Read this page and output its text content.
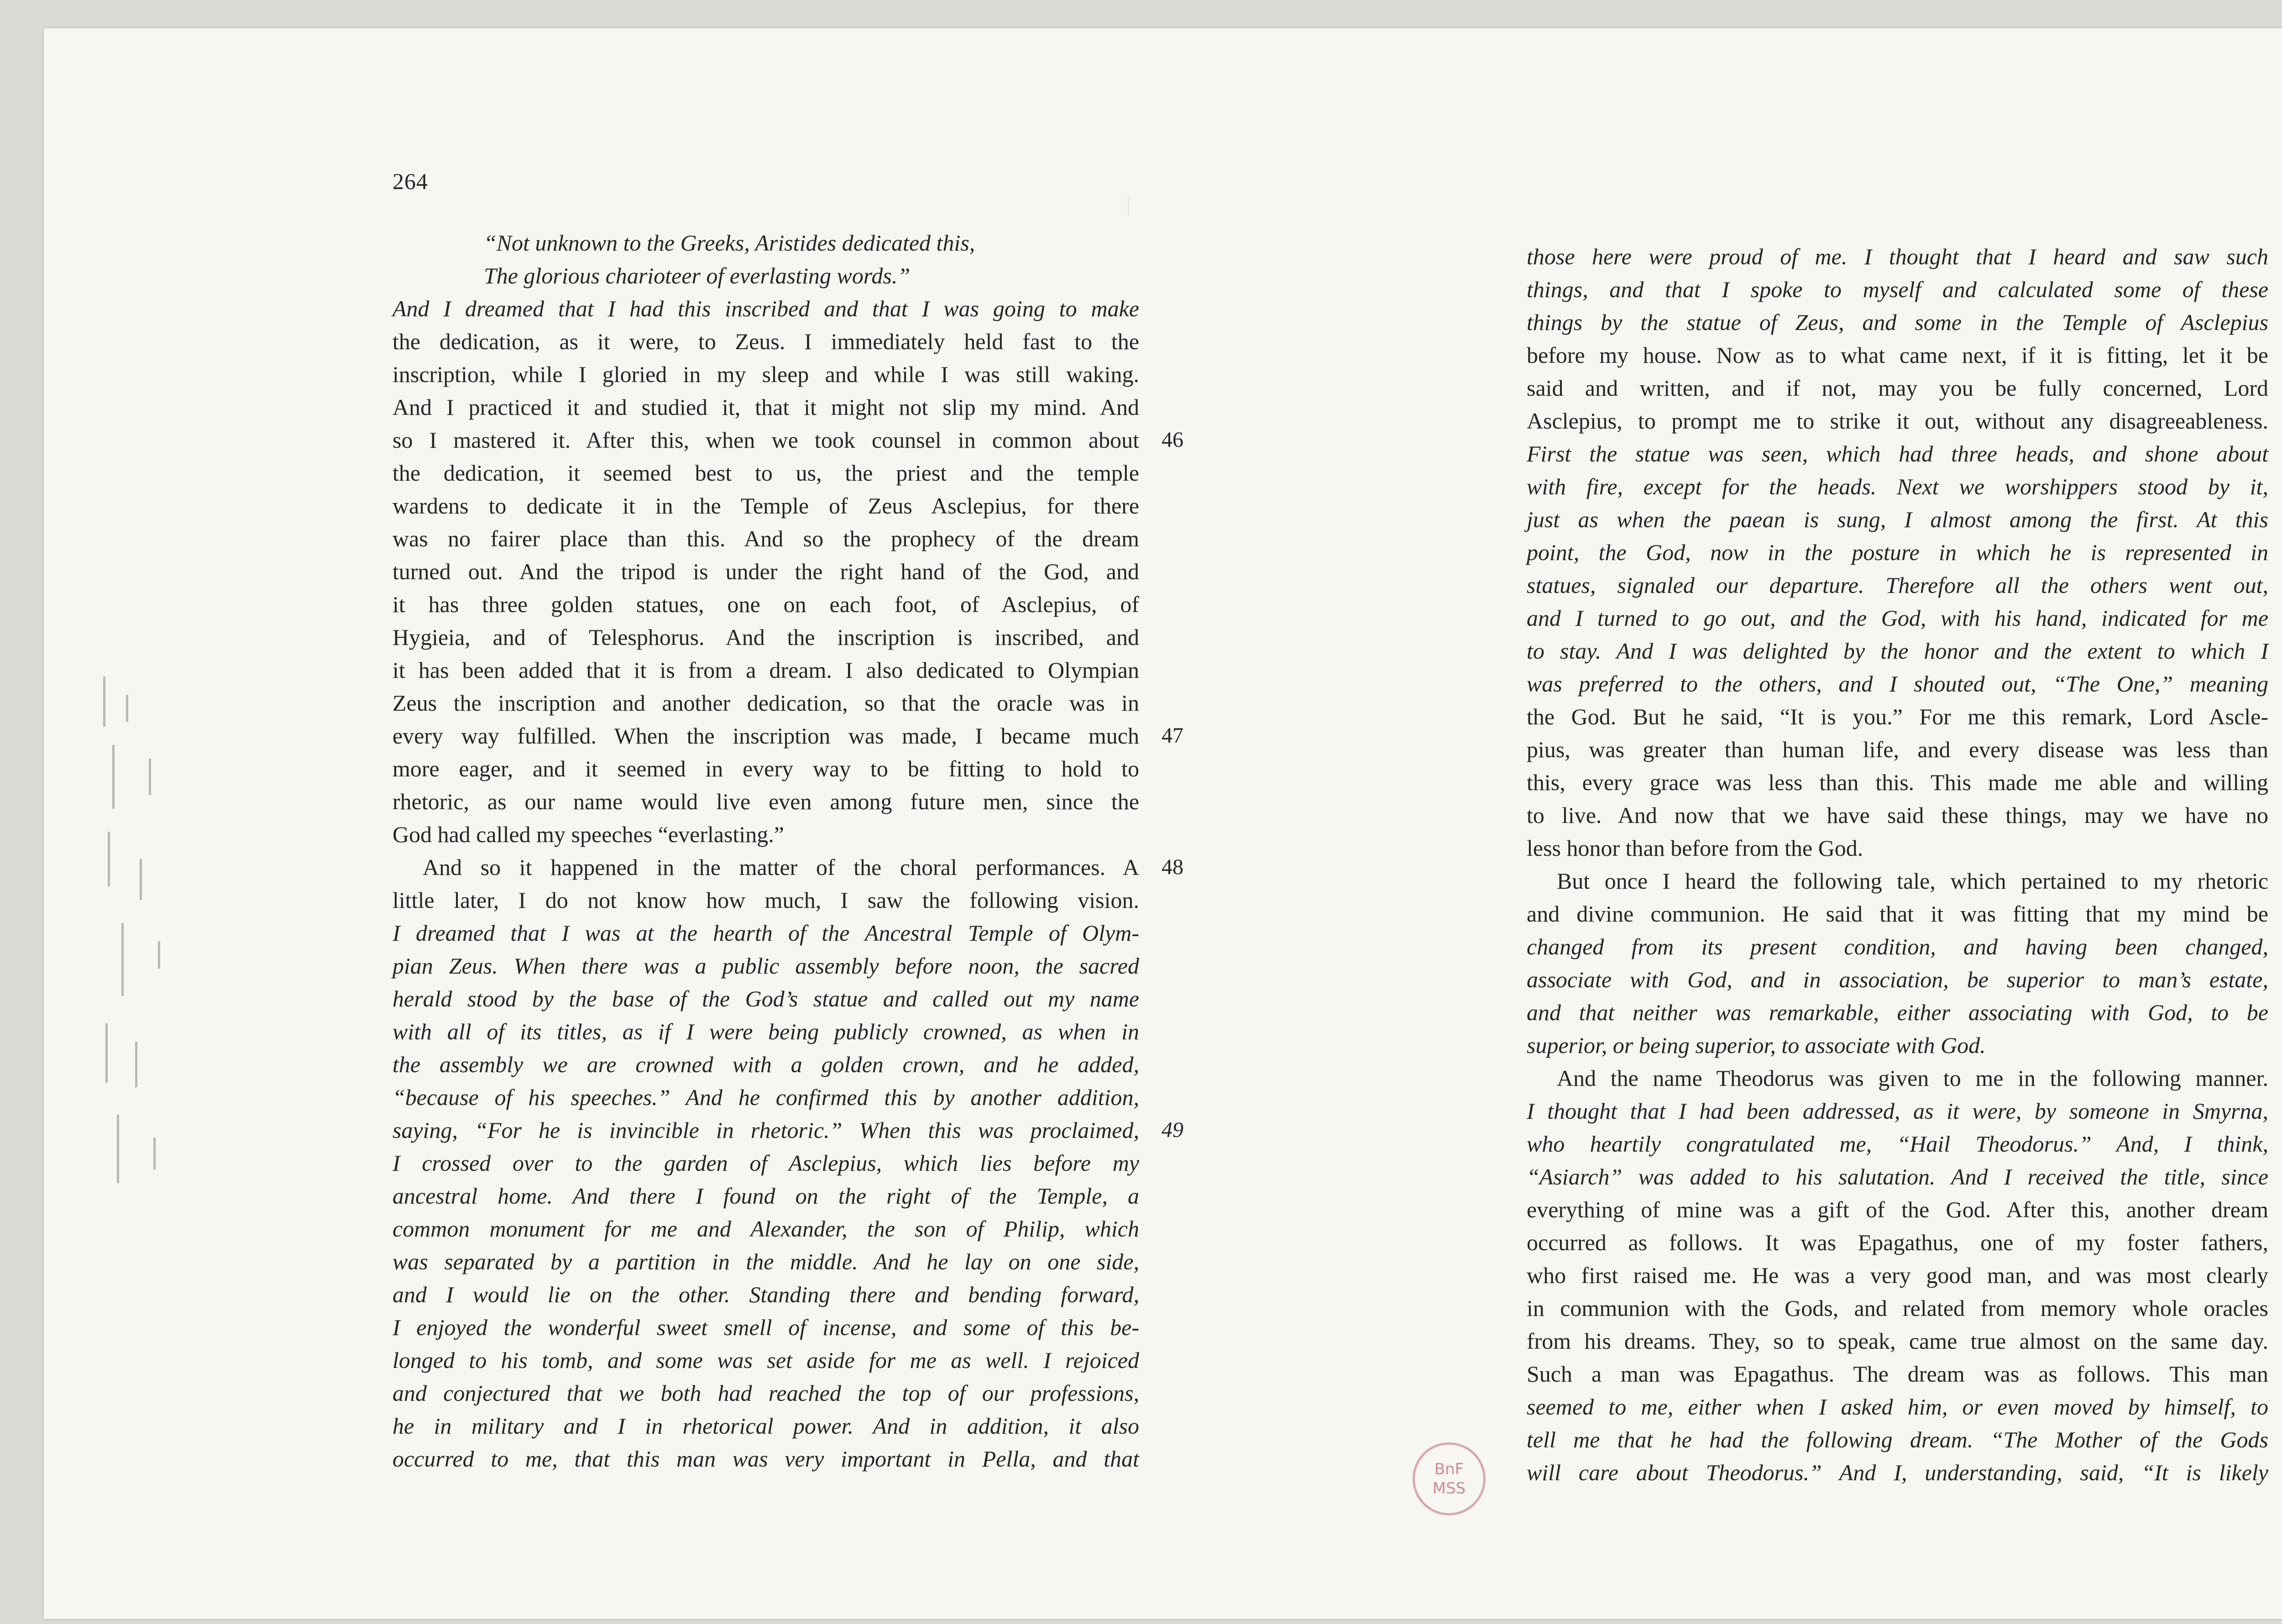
264
“Not unknown to the Greeks, Aristides dedicated this,
The glorious charioteer of everlasting words.”
And I dreamed that I had this inscribed and that I was going to make
the dedication, as it were, to Zeus. I immediately held fast to the
inscription, while I gloried in my sleep and while I was still waking.
And I practiced it and studied it, that it might not slip my mind. And
so I mastered it. After this, when we took counsel in common about
the dedication, it seemed best to us, the priest and the temple
wardens to dedicate it in the Temple of Zeus Asclepius, for there
was no fairer place than this. And so the prophecy of the dream
turned out. And the tripod is under the right hand of the God, and
it has three golden statues, one on each foot, of Asclepius, of
Hygieia, and of Telesphorus. And the inscription is inscribed, and
it has been added that it is from a dream. I also dedicated to Olympian
Zeus the inscription and another dedication, so that the oracle was in
every way fulfilled. When the inscription was made, I became much
more eager, and it seemed in every way to be fitting to hold to
rhetoric, as our name would live even among future men, since the
God had called my speeches “everlasting.”
And so it happened in the matter of the choral performances. A
little later, I do not know how much, I saw the following vision.
I dreamed that I was at the hearth of the Ancestral Temple of Olym-
pian Zeus. When there was a public assembly before noon, the sacred
herald stood by the base of the God’s statue and called out my name
with all of its titles, as if I were being publicly crowned, as when in
the assembly we are crowned with a golden crown, and he added,
“because of his speeches.” And he confirmed this by another addition,
saying, “For he is invincible in rhetoric.” When this was proclaimed,
I crossed over to the garden of Asclepius, which lies before my
ancestral home. And there I found on the right of the Temple, a
common monument for me and Alexander, the son of Philip, which
was separated by a partition in the middle. And he lay on one side,
and I would lie on the other. Standing there and bending forward,
I enjoyed the wonderful sweet smell of incense, and some of this be-
longed to his tomb, and some was set aside for me as well. I rejoiced
and conjectured that we both had reached the top of our professions,
he in military and I in rhetorical power. And in addition, it also
occurred to me, that this man was very important in Pella, and that
those here were proud of me. I thought that I heard and saw such
things, and that I spoke to myself and calculated some of these
things by the statue of Zeus, and some in the Temple of Asclepius
before my house. Now as to what came next, if it is fitting, let it be
said and written, and if not, may you be fully concerned, Lord
Asclepius, to prompt me to strike it out, without any disagreeableness.
First the statue was seen, which had three heads, and shone about
with fire, except for the heads. Next we worshippers stood by it,
just as when the paean is sung, I almost among the first. At this
point, the God, now in the posture in which he is represented in
statues, signaled our departure. Therefore all the others went out,
and I turned to go out, and the God, with his hand, indicated for me
to stay. And I was delighted by the honor and the extent to which I
was preferred to the others, and I shouted out, “The One,” meaning
the God. But he said, “It is you.” For me this remark, Lord Ascle-
pius, was greater than human life, and every disease was less than
this, every grace was less than this. This made me able and willing
to live. And now that we have said these things, may we have no
less honor than before from the God.
But once I heard the following tale, which pertained to my rhetoric
and divine communion. He said that it was fitting that my mind be
changed from its present condition, and having been changed,
associate with God, and in association, be superior to man’s estate,
and that neither was remarkable, either associating with God, to be
superior, or being superior, to associate with God.
And the name Theodorus was given to me in the following manner.
I thought that I had been addressed, as it were, by someone in Smyrna,
who heartily congratulated me, “Hail Theodorus.” And, I think,
“Asiarch” was added to his salutation. And I received the title, since
everything of mine was a gift of the God. After this, another dream
occurred as follows. It was Epagathus, one of my foster fathers,
who first raised me. He was a very good man, and was most clearly
in communion with the Gods, and related from memory whole oracles
from his dreams. They, so to speak, came true almost on the same day.
Such a man was Epagathus. The dream was as follows. This man
seemed to me, either when I asked him, or even moved by himself, to
tell me that he had the following dream. “The Mother of the Gods
will care about Theodorus.” And I, understanding, said, “It is likely
46
47
48
49
BnF
MSS
